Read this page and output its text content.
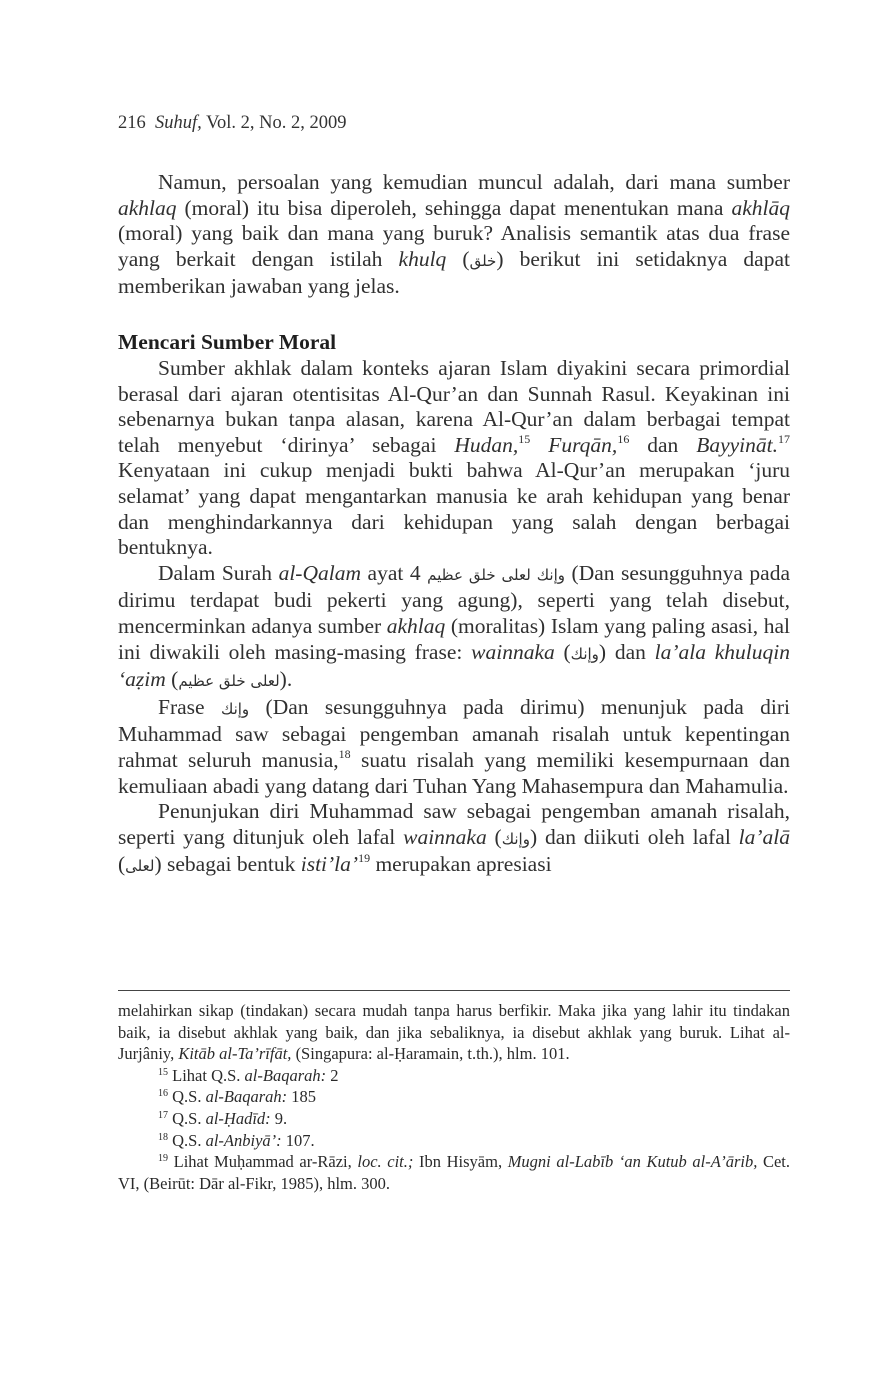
216 Suhuf, Vol. 2, No. 2, 2009

Namun, persoalan yang kemudian muncul adalah, dari mana sumber akhlaq (moral) itu bisa diperoleh, sehingga dapat menentukan mana akhlāq (moral) yang baik dan mana yang buruk? Analisis semantik atas dua frase yang berkait dengan istilah khulq (خلق) berikut ini setidaknya dapat memberikan jawaban yang jelas.

Mencari Sumber Moral

Sumber akhlak dalam konteks ajaran Islam diyakini secara primordial berasal dari ajaran otentisitas Al-Qur’an dan Sunnah Rasul. Keyakinan ini sebenarnya bukan tanpa alasan, karena Al-Qur’an dalam berbagai tempat telah menyebut ‘dirinya’ sebagai Hudan,$^{15}$ Furqān,$^{16}$ dan Bayyināt.$^{17}$ Kenyataan ini cukup menjadi bukti bahwa Al-Qur’an merupakan ‘juru selamat’ yang dapat mengantarkan manusia ke arah kehidupan yang benar dan menghindarkannya dari kehidupan yang salah dengan berbagai bentuknya.

Dalam Surah al-Qalam ayat 4 وإنك لعلى خلق عظيم (Dan sesungguhnya pada dirimu terdapat budi pekerti yang agung), seperti yang telah disebut, mencerminkan adanya sumber akhlaq (moralitas) Islam yang paling asasi, hal ini diwakili oleh masing-masing frase: wainnaka (وإنك) dan la’ala khuluqin ‘aẓim (لعلى خلق عظيم).

Frase وإنك (Dan sesungguhnya pada dirimu) menunjuk pada diri Muhammad saw sebagai pengemban amanah risalah untuk kepentingan rahmat seluruh manusia,$^{18}$ suatu risalah yang memiliki kesempurnaan dan kemuliaan abadi yang datang dari Tuhan Yang Mahasempura dan Mahamulia.

Penunjukan diri Muhammad saw sebagai pengemban amanah risalah, seperti yang ditunjuk oleh lafal wainnaka (وإنك) dan diikuti oleh lafal la’alā (لعلى) sebagai bentuk isti’la’$^{19}$ merupakan apresiasi

melahirkan sikap (tindakan) secara mudah tanpa harus berfikir. Maka jika yang lahir itu tindakan baik, ia disebut akhlak yang baik, dan jika sebaliknya, ia disebut akhlak yang buruk. Lihat al-Jurjâniy, Kitāb al-Ta’rīfāt, (Singapura: al-Ḥaramain, t.th.), hlm. 101.

$^{15}$ Lihat Q.S. al-Baqarah: 2

$^{16}$ Q.S. al-Baqarah: 185

$^{17}$ Q.S. al-Ḥadīd: 9.

$^{18}$ Q.S. al-Anbiyā’: 107.

$^{19}$ Lihat Muḥammad ar-Rāzi, loc. cit.; Ibn Hisyām, Mugni al-Labīb ‘an Kutub al-A’ārib, Cet. VI, (Beirūt: Dār al-Fikr, 1985), hlm. 300.
